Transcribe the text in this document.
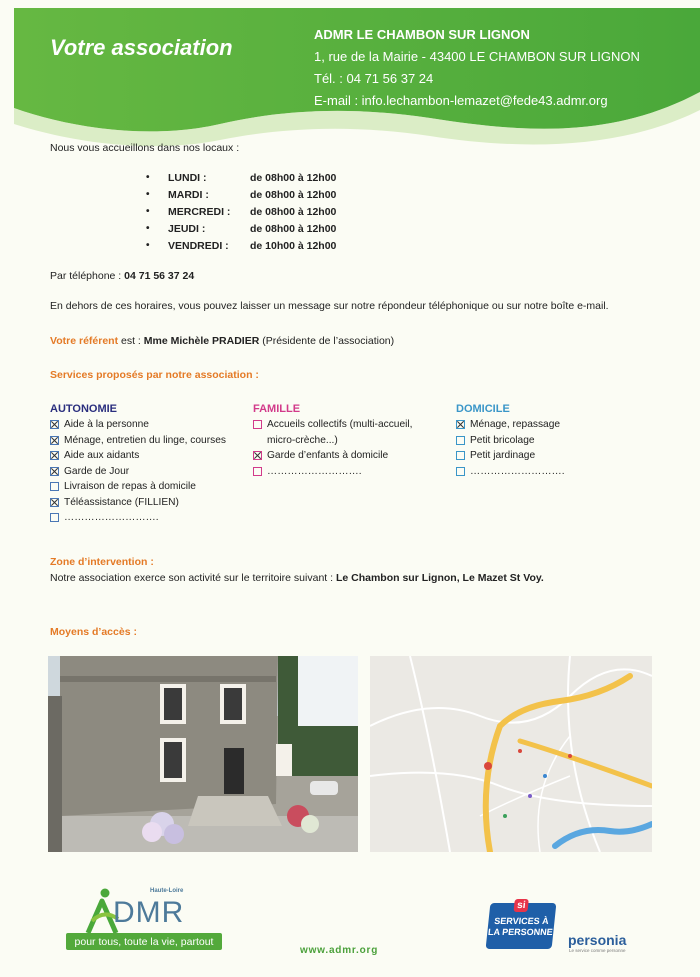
Votre association
ADMR LE CHAMBON SUR LIGNON
1, rue de la Mairie - 43400 LE CHAMBON SUR LIGNON
Tél. : 04 71 56 37 24
E-mail : info.lechambon-lemazet@fede43.admr.org
Nous vous accueillons dans nos locaux :
•	LUNDI :	de 08h00 à 12h00
•	MARDI :	de 08h00 à 12h00
•	MERCREDI :	de 08h00 à 12h00
•	JEUDI :	de 08h00 à 12h00
•	VENDREDI :	de 10h00 à 12h00
Par téléphone : 04 71 56 37 24
En dehors de ces horaires, vous pouvez laisser un message sur notre répondeur téléphonique ou sur notre boîte e-mail.
Votre référent est : Mme Michèle PRADIER (Présidente de l’association)
Services proposés par notre association :
AUTONOMIE
Aide à la personne
Ménage, entretien du linge, courses
Aide aux aidants
Garde de Jour
Livraison de repas à domicile
Téléassistance (FILLIEN)
……………………….
FAMILLE
Accueils collectifs (multi-accueil, micro-crèche...)
Garde d’enfants à domicile
……………………….
DOMICILE
Ménage, repassage
Petit bricolage
Petit jardinage
……………………….
Zone d’intervention :
Notre association exerce son activité sur le territoire suivant : Le Chambon sur Lignon, Le Mazet St Voy.
Moyens d’accès :
Haute-Loire
DMR
pour tous, toute la vie, partout
www.admr.org
si
SERVICES À
LA PERSONNE personia
Le service comme personne
